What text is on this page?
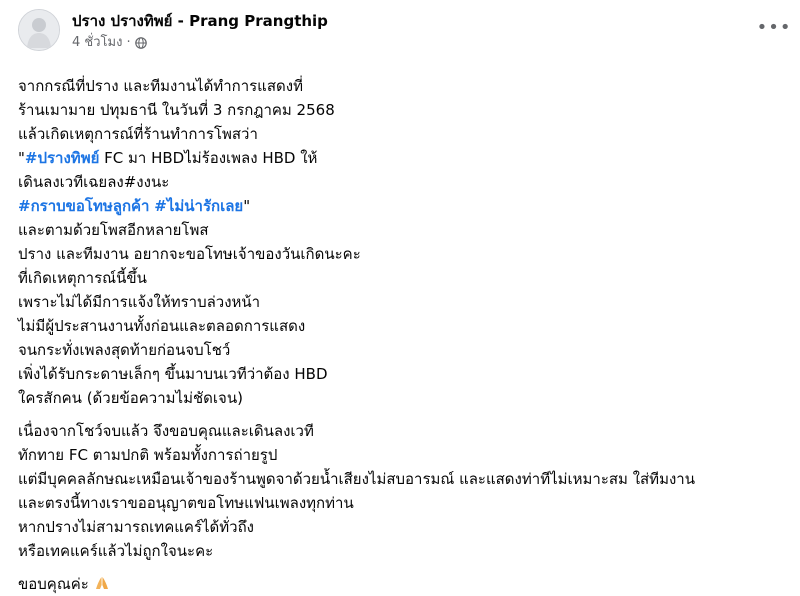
ปราง ปรางทิพย์ - Prang Prangthip
4 ชั่วโมง ·
•••
จากกรณีที่ปราง และทีมงานได้ทำการแสดงที่
ร้านเมามาย ปทุมธานี ในวันที่ 3 กรกฎาคม 2568
แล้วเกิดเหตุการณ์ที่ร้านทำการโพสว่า
"#ปรางทิพย์ FC มา HBDไม่ร้องเพลง HBD ให้
เดินลงเวทีเฉยลง#งงนะ
#กราบขอโทษลูกค้า #ไม่น่ารักเลย"
และตามด้วยโพสอีกหลายโพส
ปราง และทีมงาน อยากจะขอโทษเจ้าของวันเกิดนะคะ
ที่เกิดเหตุการณ์นี้ขึ้น
เพราะไม่ได้มีการแจ้งให้ทราบล่วงหน้า
ไม่มีผู้ประสานงานทั้งก่อนและตลอดการแสดง
จนกระทั่งเพลงสุดท้ายก่อนจบโชว์
เพิ่งได้รับกระดาษเล็กๆ ขึ้นมาบนเวทีว่าต้อง HBD
ใครสักคน (ด้วยข้อความไม่ชัดเจน)
เนื่องจากโชว์จบแล้ว จึงขอบคุณและเดินลงเวที
ทักทาย FC ตามปกติ พร้อมทั้งการถ่ายรูป
แต่มีบุคคลลักษณะเหมือนเจ้าของร้านพูดจาด้วยน้ำเสียงไม่สบอารมณ์ และแสดงท่าทีไม่เหมาะสม ใส่ทีมงาน
และตรงนี้ทางเราขออนุญาตขอโทษแฟนเพลงทุกท่าน
หากปรางไม่สามารถเทคแคร์ได้ทั่วถึง
หรือเทคแคร์แล้วไม่ถูกใจนะคะ
ขอบคุณค่ะ
